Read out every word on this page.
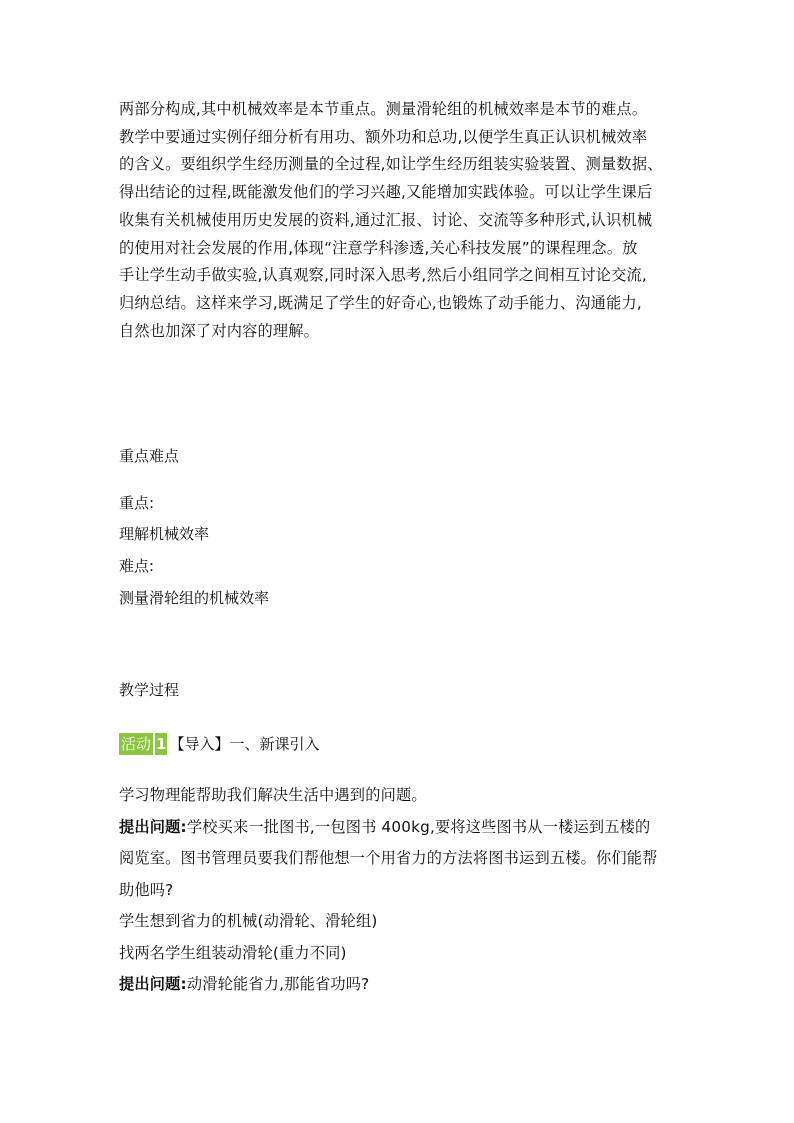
两部分构成,其中机械效率是本节重点。测量滑轮组的机械效率是本节的难点。
教学中要通过实例仔细分析有用功、额外功和总功,以便学生真正认识机械效率
的含义。要组织学生经历测量的全过程,如让学生经历组装实验装置、测量数据、
得出结论的过程,既能激发他们的学习兴趣,又能增加实践体验。可以让学生课后
收集有关机械使用历史发展的资料,通过汇报、讨论、交流等多种形式,认识机械
的使用对社会发展的作用,体现“注意学科渗透,关心科技发展”的课程理念。放
手让学生动手做实验,认真观察,同时深入思考,然后小组同学之间相互讨论交流,
归纳总结。这样来学习,既满足了学生的好奇心,也锻炼了动手能力、沟通能力,
自然也加深了对内容的理解。
重点难点
重点:
理解机械效率
难点:
测量滑轮组的机械效率
教学过程
活动 1 【导入】一、新课引入
学习物理能帮助我们解决生活中遇到的问题。
提出问题:学校买来一批图书,一包图书 400kg,要将这些图书从一楼运到五楼的
阅览室。图书管理员要我们帮他想一个用省力的方法将图书运到五楼。你们能帮
助他吗?
学生想到省力的机械(动滑轮、滑轮组)
找两名学生组装动滑轮(重力不同)
提出问题:动滑轮能省力,那能省功吗?
